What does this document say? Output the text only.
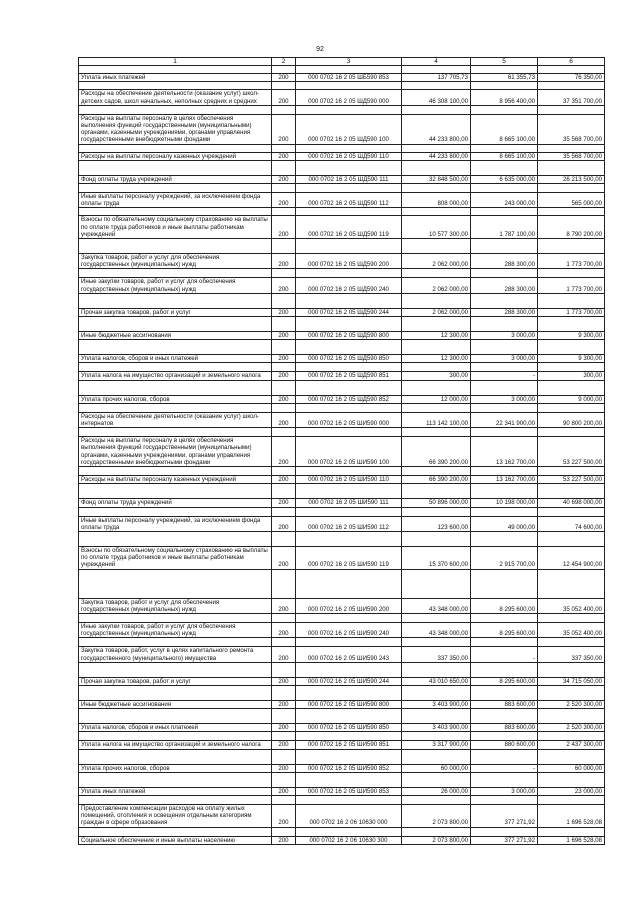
92
1	2	3	4	5	6

Уплата иных платежей	200	000 0702 16 2 05 ШБ590 853	137 705,73	61 355,73	76 350,00

Расходы на обеспечение деятельности (оказание услуг) школ-детских садов, школ начальных, неполных средних и средних	200	000 0702 16 2 05 ШД590 000	46 308 100,00	8 956 400,00	37 351 700,00

Расходы на выплаты персоналу в целях обеспечения выполнения функций государственными (муниципальными) органами, казенными учреждениями, органами управления государственными внебюджетными фондами	200	000 0702 16 2 05 ШД590 100	44 233 800,00	8 665 100,00	35 568 700,00

Расходы на выплаты персоналу казенных учреждений	200	000 0702 16 2 05 ШД590 110	44 233 800,00	8 665 100,00	35 568 700,00

Фонд оплаты труда учреждений	200	000 0702 16 2 05 ШД590 111	32 848 500,00	6 635 000,00	26 213 500,00

Иные выплаты персоналу учреждений, за исключением фонда оплаты труда	200	000 0702 16 2 05 ШД590 112	808 000,00	243 000,00	565 000,00

Взносы по обязательному социальному страхованию на выплаты по оплате труда работников и иные выплаты работникам учреждений	200	000 0702 16 2 05 ШД590 119	10 577 300,00	1 787 100,00	8 790 200,00

Закупка товаров, работ и услуг для обеспечения государственных (муниципальных) нужд	200	000 0702 16 2 05 ШД590 200	2 062 000,00	288 300,00	1 773 700,00

Иные закупки товаров, работ и услуг для обеспечения государственных (муниципальных) нужд	200	000 0702 16 2 05 ШД590 240	2 062 000,00	288 300,00	1 773 700,00

Прочая закупка товаров, работ и услуг	200	000 0702 16 2 05 ШД590 244	2 062 000,00	288 300,00	1 773 700,00

Иные бюджетные ассигнования	200	000 0702 16 2 05 ШД590 800	12 300,00	3 000,00	9 300,00

Уплата налогов, сборов и иных платежей	200	000 0702 16 2 05 ШД590 850	12 300,00	3 000,00	9 300,00

Уплата налога на имущество организаций и земельного налога	200	000 0702 16 2 05 ШД590 851	300,00	-	300,00

Уплата прочих налогов, сборов	200	000 0702 16 2 05 ШД590 852	12 000,00	3 000,00	9 000,00

Расходы на обеспечение деятельности (оказание услуг) школ-интернатов	200	000 0702 16 2 05 ШИ590 000	113 142 100,00	22 341 900,00	90 800 200,00

Расходы на выплаты персоналу в целях обеспечения выполнения функций государственными (муниципальными) органами, казенными учреждениями, органами управления государственными внебюджетными фондами	200	000 0702 16 2 05 ШИ590 100	66 390 200,00	13 162 700,00	53 227 500,00

Расходы на выплаты персоналу казенных учреждений	200	000 0702 16 2 05 ШИ590 110	66 390 200,00	13 162 700,00	53 227 500,00

Фонд оплаты труда учреждений	200	000 0702 16 2 05 ШИ590 111	50 896 000,00	10 198 000,00	40 698 000,00

Иные выплаты персоналу учреждений, за исключением фонда оплаты труда	200	000 0702 16 2 05 ШИ590 112	123 600,00	49 000,00	74 600,00

Взносы по обязательному социальному страхованию на выплаты по оплате труда работников и иные выплаты работникам учреждений	200	000 0702 16 2 05 ШИ590 119	15 370 600,00	2 915 700,00	12 454 900,00

Закупка товаров, работ и услуг для обеспечения государственных (муниципальных) нужд	200	000 0702 16 2 05 ШИ590 200	43 348 000,00	8 295 600,00	35 052 400,00

Иные закупки товаров, работ и услуг для обеспечения государственных (муниципальных) нужд	200	000 0702 16 2 05 ШИ590 240	43 348 000,00	8 295 600,00	35 052 400,00

Закупка товаров, работ, услуг в целях капитального ремонта государственного (муниципального) имущества	200	000 0702 16 2 05 ШИ590 243	337 350,00	-	337 350,00

Прочая закупка товаров, работ и услуг	200	000 0702 16 2 05 ШИ590 244	43 010 650,00	8 295 600,00	34 715 050,00

Иные бюджетные ассигнования	200	000 0702 16 2 05 ШИ590 800	3 403 900,00	883 600,00	2 520 300,00

Уплата налогов, сборов и иных платежей	200	000 0702 16 2 05 ШИ590 850	3 403 900,00	883 600,00	2 520 300,00

Уплата налога на имущество организаций и земельного налога	200	000 0702 16 2 05 ШИ590 851	3 317 900,00	880 600,00	2 437 300,00

Уплата прочих налогов, сборов	200	000 0702 16 2 05 ШИ590 852	60 000,00	-	60 000,00

Уплата иных платежей	200	000 0702 16 2 05 ШИ590 853	26 000,00	3 000,00	23 000,00

Предоставление компенсации расходов на оплату жилых помещений, отопления и освещения отдельным категориям граждан в сфере образования	200	000 0702 16 2 06 10630 000	2 073 800,00	377 271,92	1 696 528,08

Социальное обеспечение и иные выплаты населению	200	000 0702 16 2 06 10630 300	2 073 800,00	377 271,92	1 696 528,08
